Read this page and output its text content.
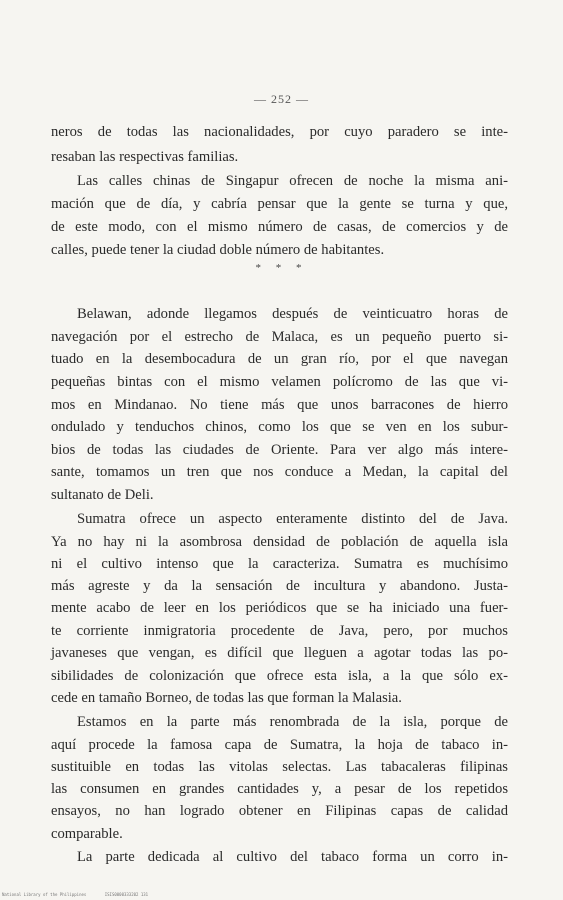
— 252 —
neros de todas las nacionalidades, por cuyo paradero se inte-
resaban las respectivas familias.
Las calles chinas de Singapur ofrecen de noche la misma ani-
mación que de día, y cabría pensar que la gente se turna y que,
de este modo, con el mismo número de casas, de comercios y de
calles, puede tener la ciudad doble número de habitantes.
* * *
Belawan, adonde llegamos después de veinticuatro horas de
navegación por el estrecho de Malaca, es un pequeño puerto si-
tuado en la desembocadura de un gran río, por el que navegan
pequeñas bintas con el mismo velamen polícromo de las que vi-
mos en Mindanao. No tiene más que unos barracones de hierro
ondulado y tenduchos chinos, como los que se ven en los subur-
bios de todas las ciudades de Oriente. Para ver algo más intere-
sante, tomamos un tren que nos conduce a Medan, la capital del
sultanato de Deli.
Sumatra ofrece un aspecto enteramente distinto del de Java.
Ya no hay ni la asombrosa densidad de población de aquella isla
ni el cultivo intenso que la caracteriza. Sumatra es muchísimo
más agreste y da la sensación de incultura y abandono. Justa-
mente acabo de leer en los periódicos que se ha iniciado una fuer-
te corriente inmigratoria procedente de Java, pero, por muchos
javaneses que vengan, es difícil que lleguen a agotar todas las po-
sibilidades de colonización que ofrece esta isla, a la que sólo ex-
cede en tamaño Borneo, de todas las que forman la Malasia.
Estamos en la parte más renombrada de la isla, porque de
aquí procede la famosa capa de Sumatra, la hoja de tabaco in-
sustituible en todas las vitolas selectas. Las tabacaleras filipinas
las consumen en grandes cantidades y, a pesar de los repetidos
ensayos, no han logrado obtener en Filipinas capas de calidad
comparable.
La parte dedicada al cultivo del tabaco forma un corro in-
National Library of the Philippines	ISIS0000333202 131
